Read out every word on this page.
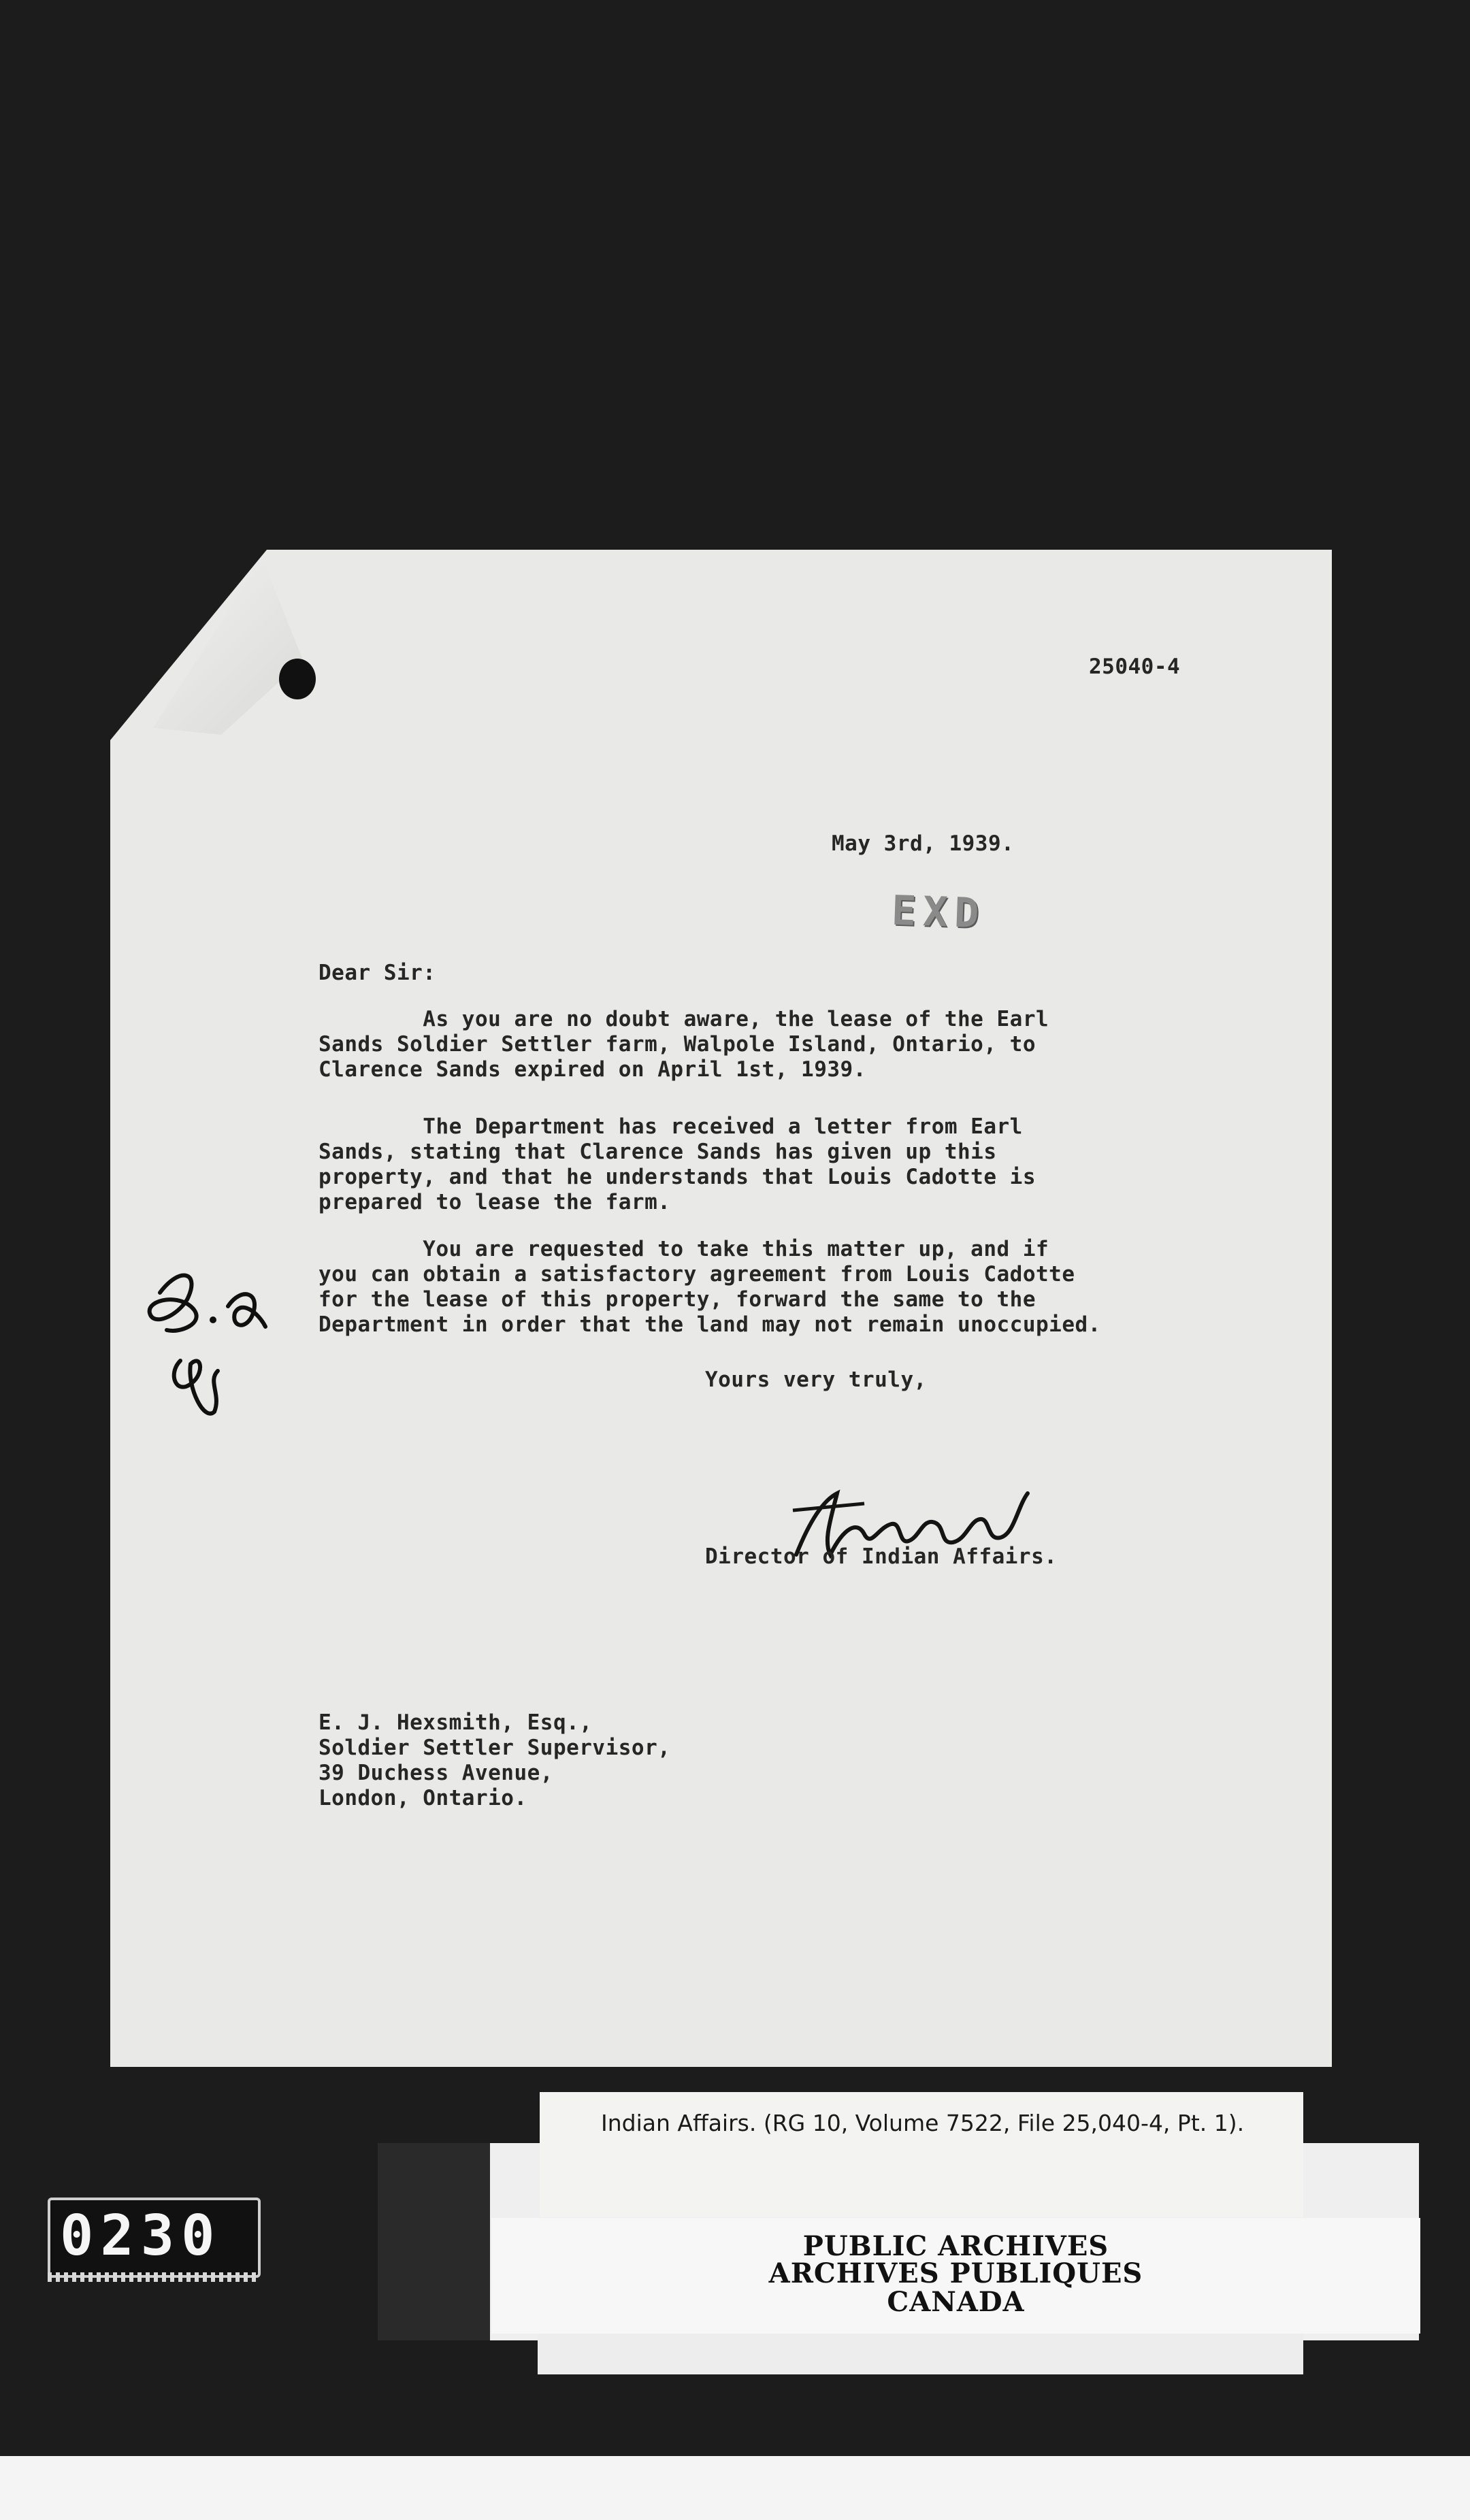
25040-4
May 3rd, 1939.
EXD
Dear Sir:
As you are no doubt aware, the lease of the Earl
Sands Soldier Settler farm, Walpole Island, Ontario, to
Clarence Sands expired on April 1st, 1939.
The Department has received a letter from Earl
Sands, stating that Clarence Sands has given up this
property, and that he understands that Louis Cadotte is
prepared to lease the farm.
You are requested to take this matter up, and if
you can obtain a satisfactory agreement from Louis Cadotte
for the lease of this property, forward the same to the
Department in order that the land may not remain unoccupied.
Yours very truly,
Director of Indian Affairs.
E. J. Hexsmith, Esq.,
Soldier Settler Supervisor,
39 Duchess Avenue,
London, Ontario.
Indian Affairs. (RG 10, Volume 7522, File 25,040-4, Pt. 1).
PUBLIC ARCHIVES
ARCHIVES PUBLIQUES
CANADA
0230
